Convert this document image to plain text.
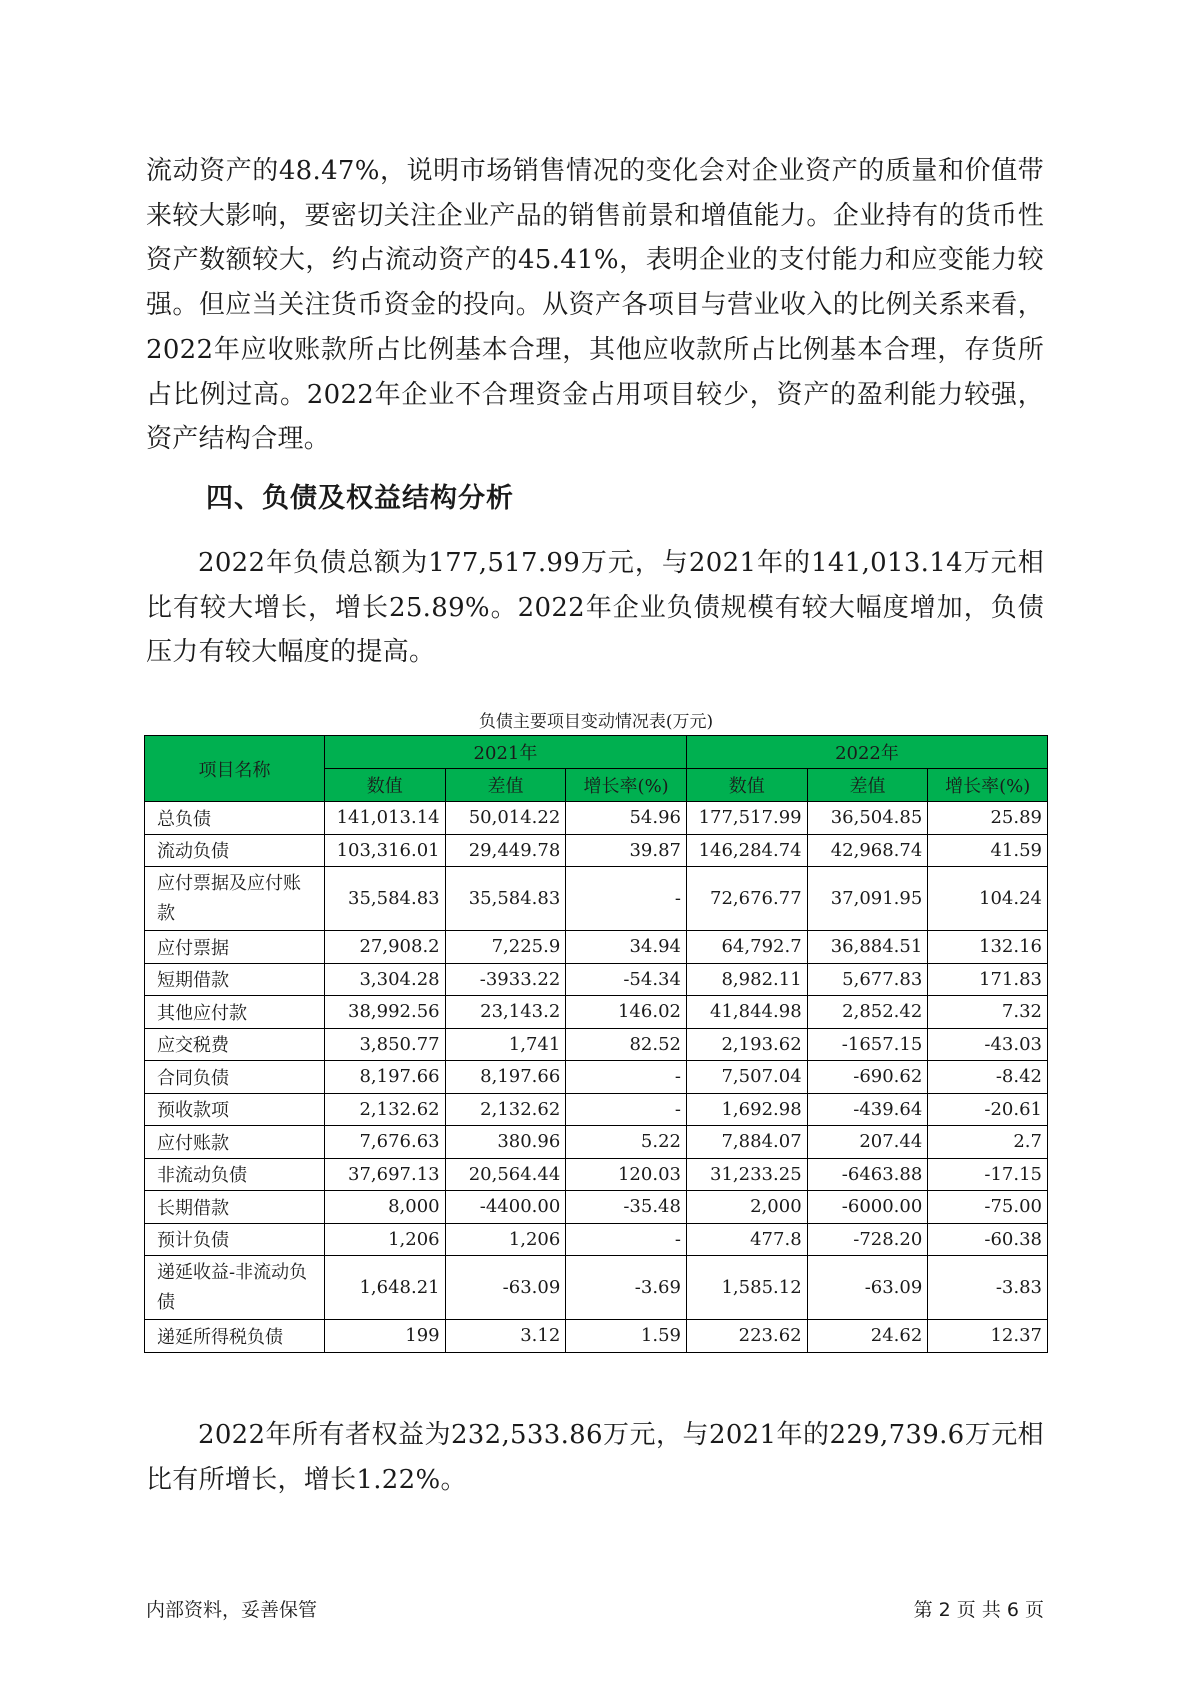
流动资产的48.47%，说明市场销售情况的变化会对企业资产的质量和价值带来较大影响，要密切关注企业产品的销售前景和增值能力。企业持有的货币性资产数额较大，约占流动资产的45.41%，表明企业的支付能力和应变能力较强。但应当关注货币资金的投向。从资产各项目与营业收入的比例关系来看，2022年应收账款所占比例基本合理，其他应收款所占比例基本合理，存货所占比例过高。2022年企业不合理资金占用项目较少，资产的盈利能力较强，资产结构合理。

四、负债及权益结构分析

2022年负债总额为177,517.99万元，与2021年的141,013.14万元相比有较大增长，增长25.89%。2022年企业负债规模有较大幅度增加，负债压力有较大幅度的提高。

负债主要项目变动情况表(万元)

项目名称	2021年			2022年		
	数值	差值	增长率(%)	数值	差值	增长率(%)
总负债	141,013.14	50,014.22	54.96	177,517.99	36,504.85	25.89
流动负债	103,316.01	29,449.78	39.87	146,284.74	42,968.74	41.59
应付票据及应付账款	35,584.83	35,584.83	-	72,676.77	37,091.95	104.24
应付票据	27,908.2	7,225.9	34.94	64,792.7	36,884.51	132.16
短期借款	3,304.28	-3933.22	-54.34	8,982.11	5,677.83	171.83
其他应付款	38,992.56	23,143.2	146.02	41,844.98	2,852.42	7.32
应交税费	3,850.77	1,741	82.52	2,193.62	-1657.15	-43.03
合同负债	8,197.66	8,197.66	-	7,507.04	-690.62	-8.42
预收款项	2,132.62	2,132.62	-	1,692.98	-439.64	-20.61
应付账款	7,676.63	380.96	5.22	7,884.07	207.44	2.7
非流动负债	37,697.13	20,564.44	120.03	31,233.25	-6463.88	-17.15
长期借款	8,000	-4400.00	-35.48	2,000	-6000.00	-75.00
预计负债	1,206	1,206	-	477.8	-728.20	-60.38
递延收益-非流动负债	1,648.21	-63.09	-3.69	1,585.12	-63.09	-3.83
递延所得税负债	199	3.12	1.59	223.62	24.62	12.37

2022年所有者权益为232,533.86万元，与2021年的229,739.6万元相比有所增长，增长1.22%。

内部资料，妥善保管	第 2 页 共 6 页
